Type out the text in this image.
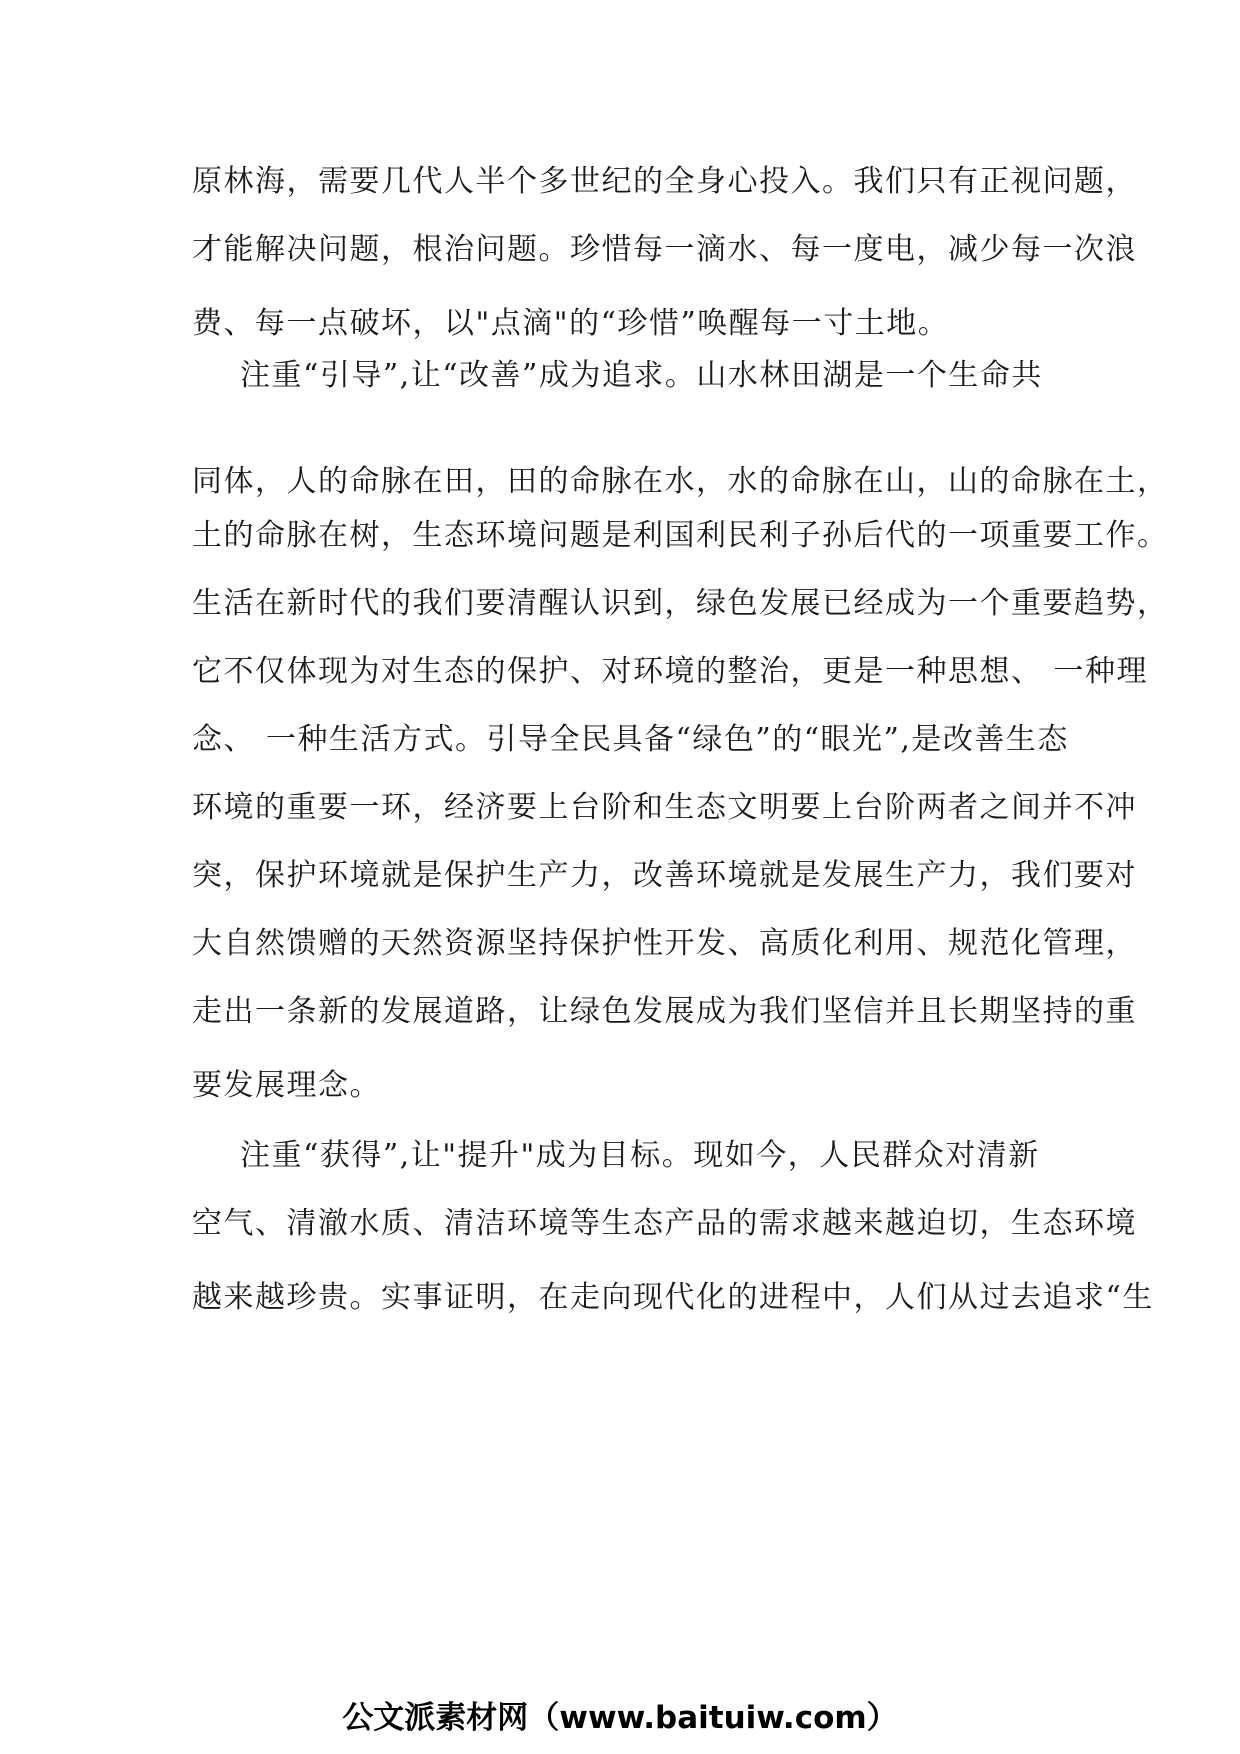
原林海，需要几代人半个多世纪的全身心投入。我们只有正视问题，
才能解决问题，根治问题。珍惜每一滴水、每一度电，减少每一次浪
费、每一点破坏，以"点滴"的“珍惜”唤醒每一寸土地。
注重“引导”,让“改善”成为追求。山水林田湖是一个生命共
同体，人的命脉在田，田的命脉在水，水的命脉在山，山的命脉在土，
土的命脉在树，生态环境问题是利国利民利子孙后代的一项重要工作。
生活在新时代的我们要清醒认识到，绿色发展已经成为一个重要趋势，
它不仅体现为对生态的保护、对环境的整治，更是一种思想、 一种理
念、 一种生活方式。引导全民具备“绿色”的“眼光”,是改善生态
环境的重要一环，经济要上台阶和生态文明要上台阶两者之间并不冲
突，保护环境就是保护生产力，改善环境就是发展生产力，我们要对
大自然馈赠的天然资源坚持保护性开发、高质化利用、规范化管理，
走出一条新的发展道路，让绿色发展成为我们坚信并且长期坚持的重
要发展理念。
注重“获得”,让"提升"成为目标。现如今，人民群众对清新
空气、清澈水质、清洁环境等生态产品的需求越来越迫切，生态环境
越来越珍贵。实事证明，在走向现代化的进程中，人们从过去追求“生
公文派素材网（www.baituiw.com）
